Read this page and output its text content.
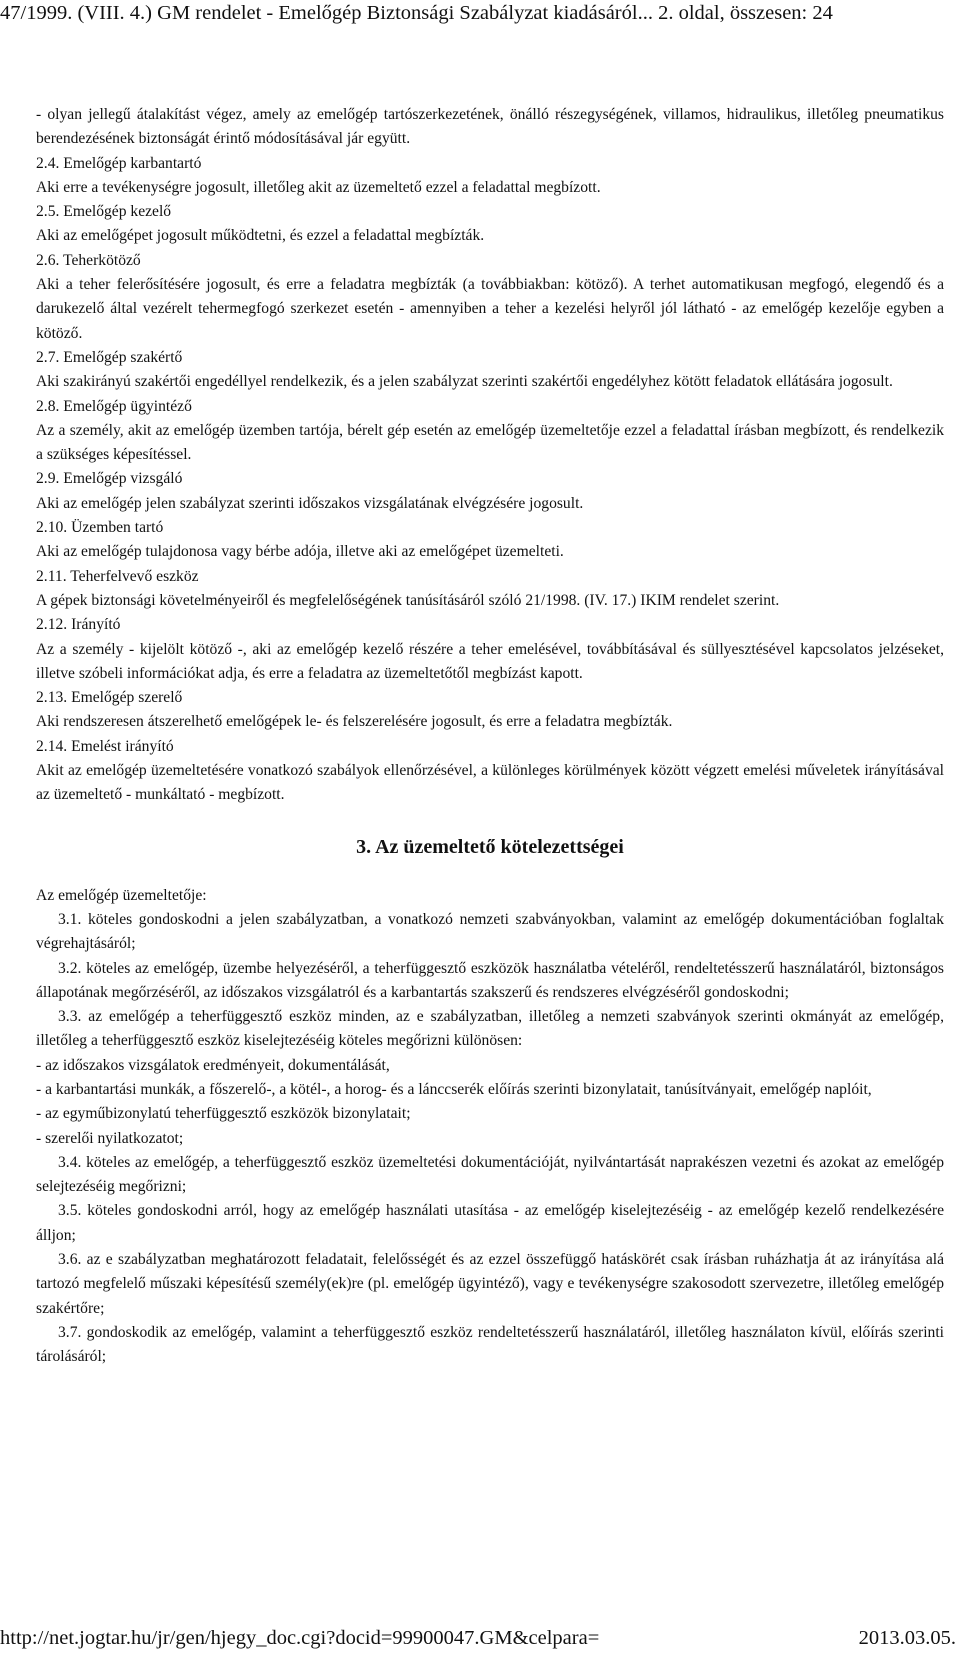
47/1999. (VIII. 4.) GM rendelet - Emelőgép Biztonsági Szabályzat kiadásáról... 2. oldal, összesen: 24

- olyan jellegű átalakítást végez, amely az emelőgép tartószerkezetének, önálló részegységének, villamos, hidraulikus, illetőleg pneumatikus berendezésének biztonságát érintő módosításával jár együtt.

2.4. Emelőgép karbantartó

Aki erre a tevékenységre jogosult, illetőleg akit az üzemeltető ezzel a feladattal megbízott.

2.5. Emelőgép kezelő

Aki az emelőgépet jogosult működtetni, és ezzel a feladattal megbízták.

2.6. Teherkötöző

Aki a teher felerősítésére jogosult, és erre a feladatra megbízták (a továbbiakban: kötöző). A terhet automatikusan megfogó, elegendő és a darukezelő által vezérelt tehermegfogó szerkezet esetén - amennyiben a teher a kezelési helyről jól látható - az emelőgép kezelője egyben a kötöző.

2.7. Emelőgép szakértő

Aki szakirányú szakértői engedéllyel rendelkezik, és a jelen szabályzat szerinti szakértői engedélyhez kötött feladatok ellátására jogosult.

2.8. Emelőgép ügyintéző

Az a személy, akit az emelőgép üzemben tartója, bérelt gép esetén az emelőgép üzemeltetője ezzel a feladattal írásban megbízott, és rendelkezik a szükséges képesítéssel.

2.9. Emelőgép vizsgáló

Aki az emelőgép jelen szabályzat szerinti időszakos vizsgálatának elvégzésére jogosult.

2.10. Üzemben tartó

Aki az emelőgép tulajdonosa vagy bérbe adója, illetve aki az emelőgépet üzemelteti.

2.11. Teherfelvevő eszköz

A gépek biztonsági követelményeiről és megfelelőségének tanúsításáról szóló 21/1998. (IV. 17.) IKIM rendelet szerint.

2.12. Irányító

Az a személy - kijelölt kötöző -, aki az emelőgép kezelő részére a teher emelésével, továbbításával és süllyesztésével kapcsolatos jelzéseket, illetve szóbeli információkat adja, és erre a feladatra az üzemeltetőtől megbízást kapott.

2.13. Emelőgép szerelő

Aki rendszeresen átszerelhető emelőgépek le- és felszerelésére jogosult, és erre a feladatra megbízták.

2.14. Emelést irányító

Akit az emelőgép üzemeltetésére vonatkozó szabályok ellenőrzésével, a különleges körülmények között végzett emelési műveletek irányításával az üzemeltető - munkáltató - megbízott.

3. Az üzemeltető kötelezettségei

Az emelőgép üzemeltetője:

3.1. köteles gondoskodni a jelen szabályzatban, a vonatkozó nemzeti szabványokban, valamint az emelőgép dokumentációban foglaltak végrehajtásáról;

3.2. köteles az emelőgép, üzembe helyezéséről, a teherfüggesztő eszközök használatba vételéről, rendeltetésszerű használatáról, biztonságos állapotának megőrzéséről, az időszakos vizsgálatról és a karbantartás szakszerű és rendszeres elvégzéséről gondoskodni;

3.3. az emelőgép a teherfüggesztő eszköz minden, az e szabályzatban, illetőleg a nemzeti szabványok szerinti okmányát az emelőgép, illetőleg a teherfüggesztő eszköz kiselejtezéséig köteles megőrizni különösen:

- az időszakos vizsgálatok eredményeit, dokumentálását,

- a karbantartási munkák, a főszerelő-, a kötél-, a horog- és a lánccserék előírás szerinti bizonylatait, tanúsítványait, emelőgép naplóit,

- az egyműbizonylatú teherfüggesztő eszközök bizonylatait;

- szerelői nyilatkozatot;

3.4. köteles az emelőgép, a teherfüggesztő eszköz üzemeltetési dokumentációját, nyilvántartását naprakészen vezetni és azokat az emelőgép selejtezéséig megőrizni;

3.5. köteles gondoskodni arról, hogy az emelőgép használati utasítása - az emelőgép kiselejtezéséig - az emelőgép kezelő rendelkezésére álljon;

3.6. az e szabályzatban meghatározott feladatait, felelősségét és az ezzel összefüggő hatáskörét csak írásban ruházhatja át az irányítása alá tartozó megfelelő műszaki képesítésű személy(ek)re (pl. emelőgép ügyintéző), vagy e tevékenységre szakosodott szervezetre, illetőleg emelőgép szakértőre;

3.7. gondoskodik az emelőgép, valamint a teherfüggesztő eszköz rendeltetésszerű használatáról, illetőleg használaton kívül, előírás szerinti tárolásáról;

http://net.jogtar.hu/jr/gen/hjegy_doc.cgi?docid=99900047.GM&celpara=	2013.03.05.
